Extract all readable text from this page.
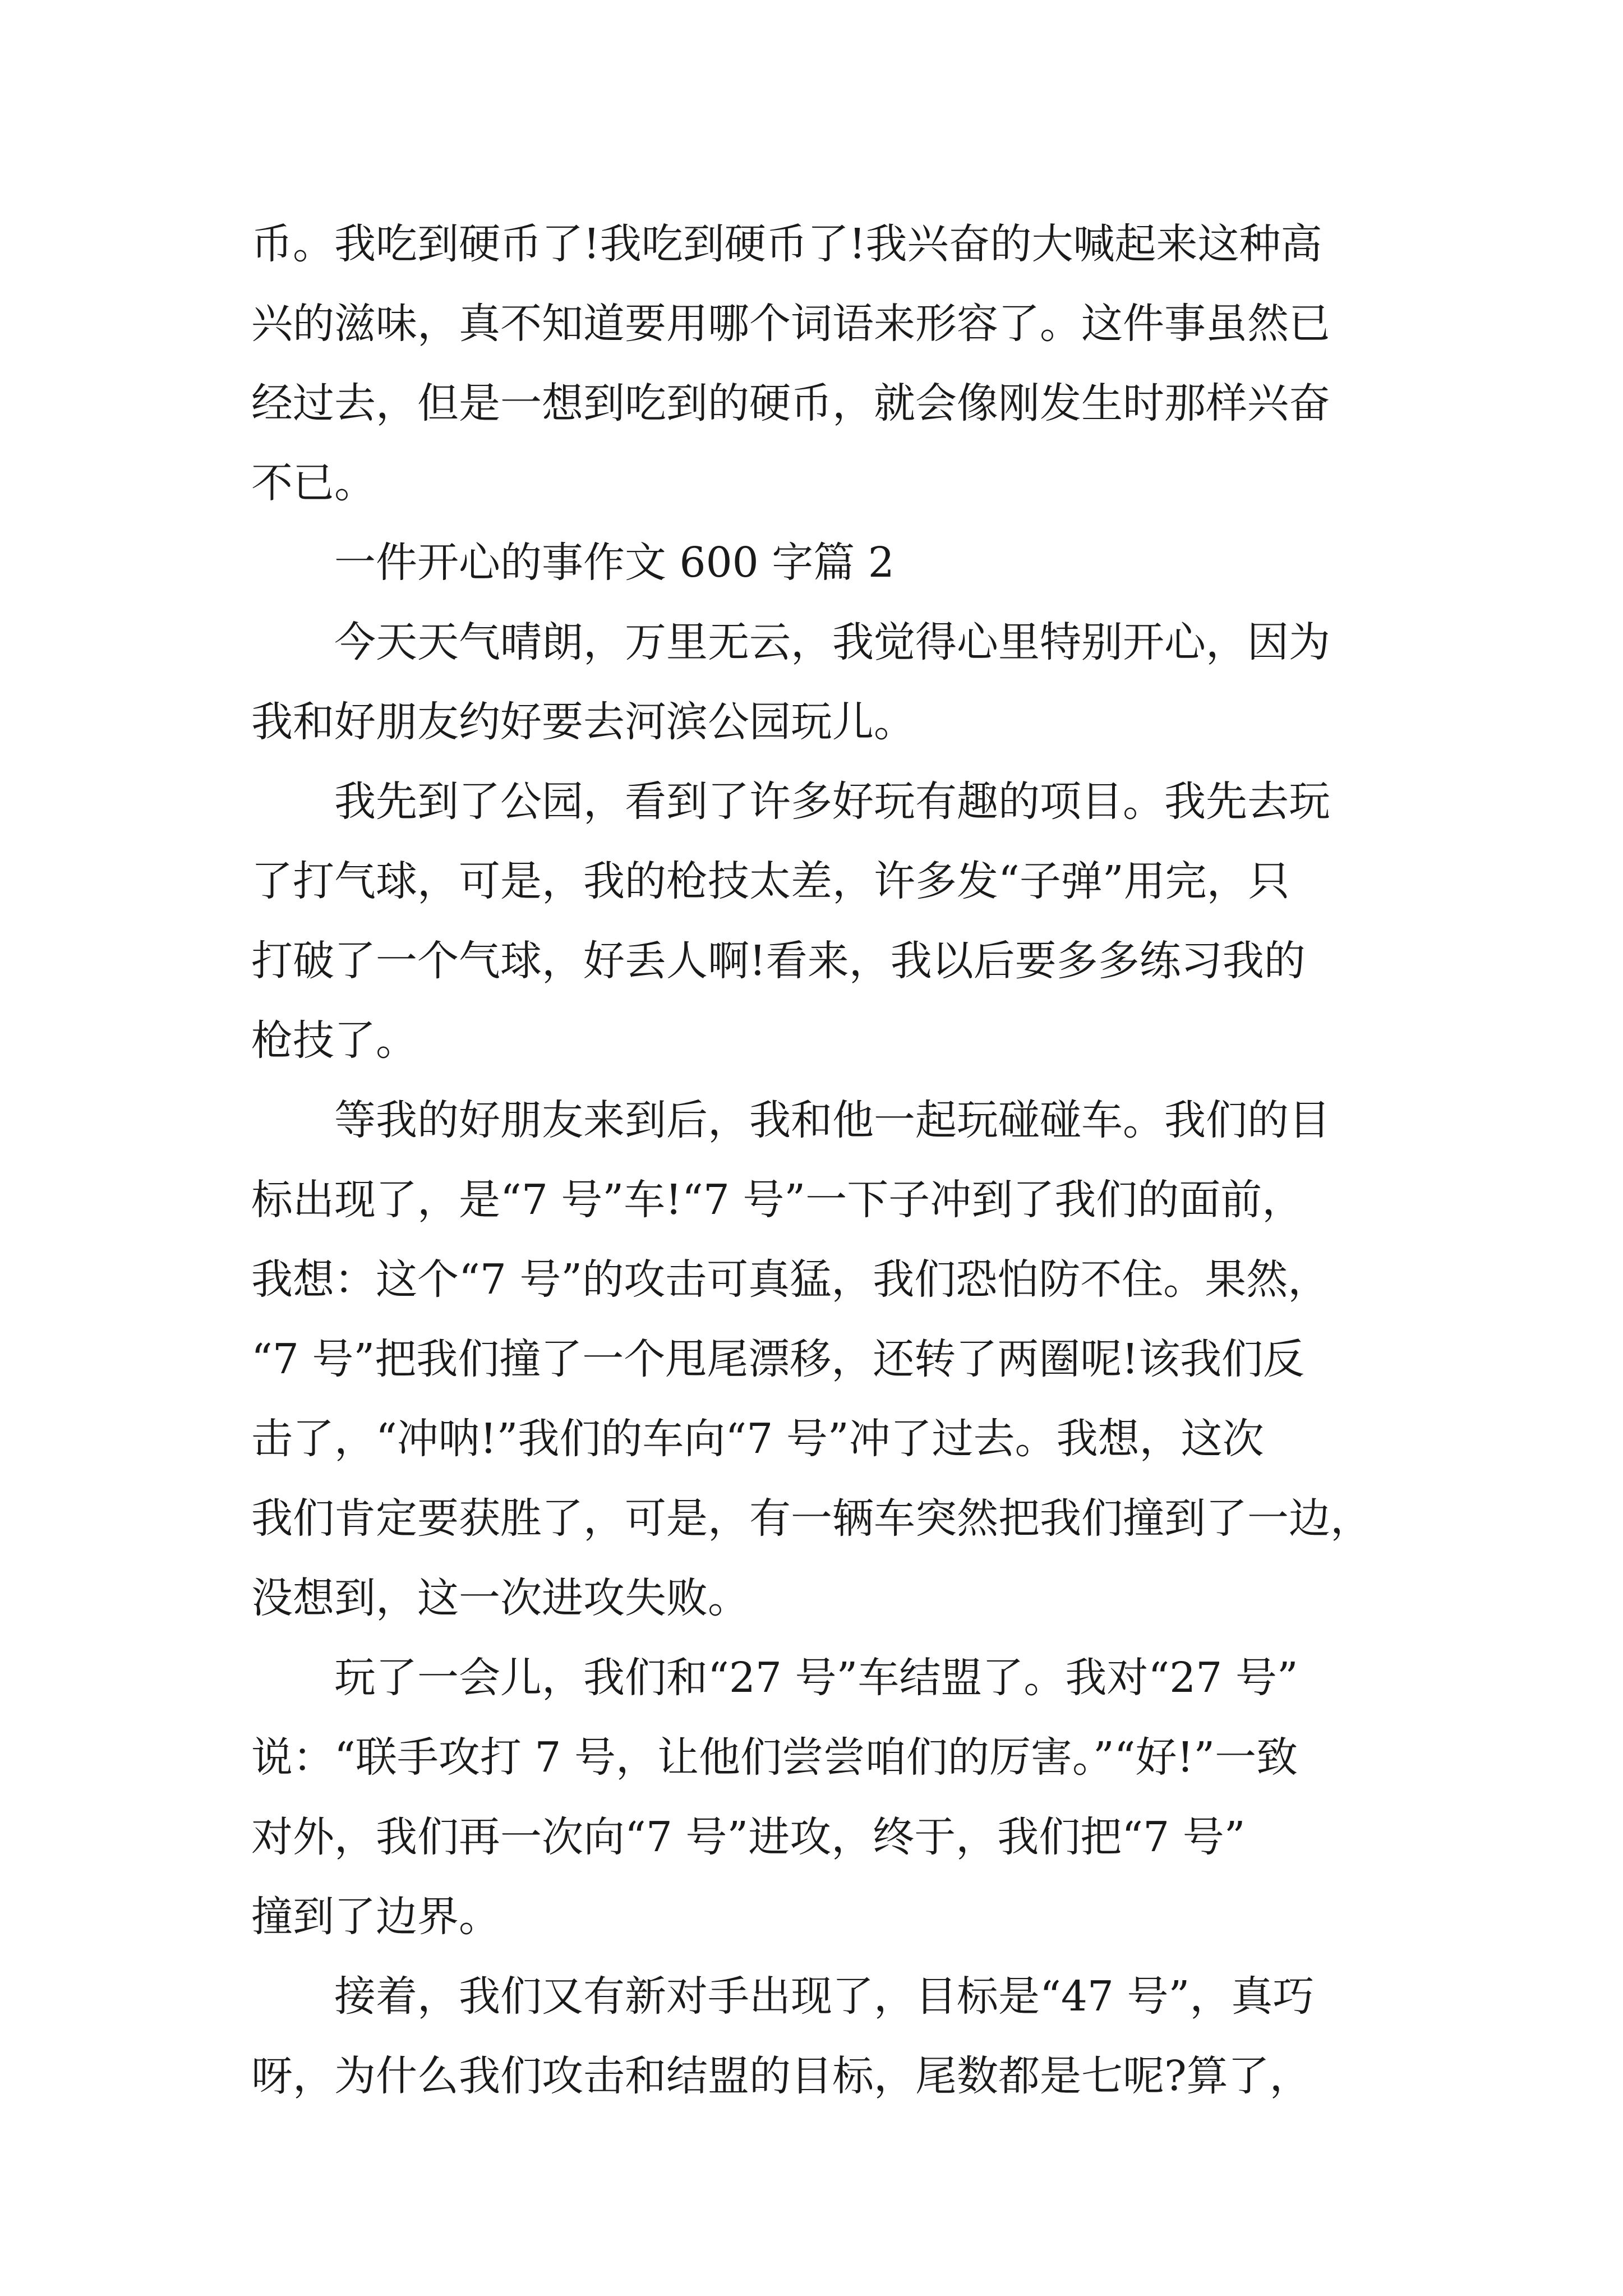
币。我吃到硬币了!我吃到硬币了!我兴奋的大喊起来这种高
兴的滋味，真不知道要用哪个词语来形容了。这件事虽然已
经过去，但是一想到吃到的硬币，就会像刚发生时那样兴奋
不已。
一件开心的事作文 600 字篇 2
今天天气晴朗，万里无云，我觉得心里特别开心，因为
我和好朋友约好要去河滨公园玩儿。
我先到了公园，看到了许多好玩有趣的项目。我先去玩
了打气球，可是，我的枪技太差，许多发“子弹”用完，只
打破了一个气球，好丢人啊!看来，我以后要多多练习我的
枪技了。
等我的好朋友来到后，我和他一起玩碰碰车。我们的目
标出现了，是“7 号”车!“7 号”一下子冲到了我们的面前，
我想：这个“7 号”的攻击可真猛，我们恐怕防不住。果然，
“7 号”把我们撞了一个甩尾漂移，还转了两圈呢!该我们反
击了，“冲呐!”我们的车向“7 号”冲了过去。我想，这次
我们肯定要获胜了，可是，有一辆车突然把我们撞到了一边，
没想到，这一次进攻失败。
玩了一会儿，我们和“27 号”车结盟了。我对“27 号”
说：“联手攻打 7 号，让他们尝尝咱们的厉害。”“好!”一致
对外，我们再一次向“7 号”进攻，终于，我们把“7 号”
撞到了边界。
接着，我们又有新对手出现了，目标是“47 号”，真巧
呀，为什么我们攻击和结盟的目标，尾数都是七呢?算了，
